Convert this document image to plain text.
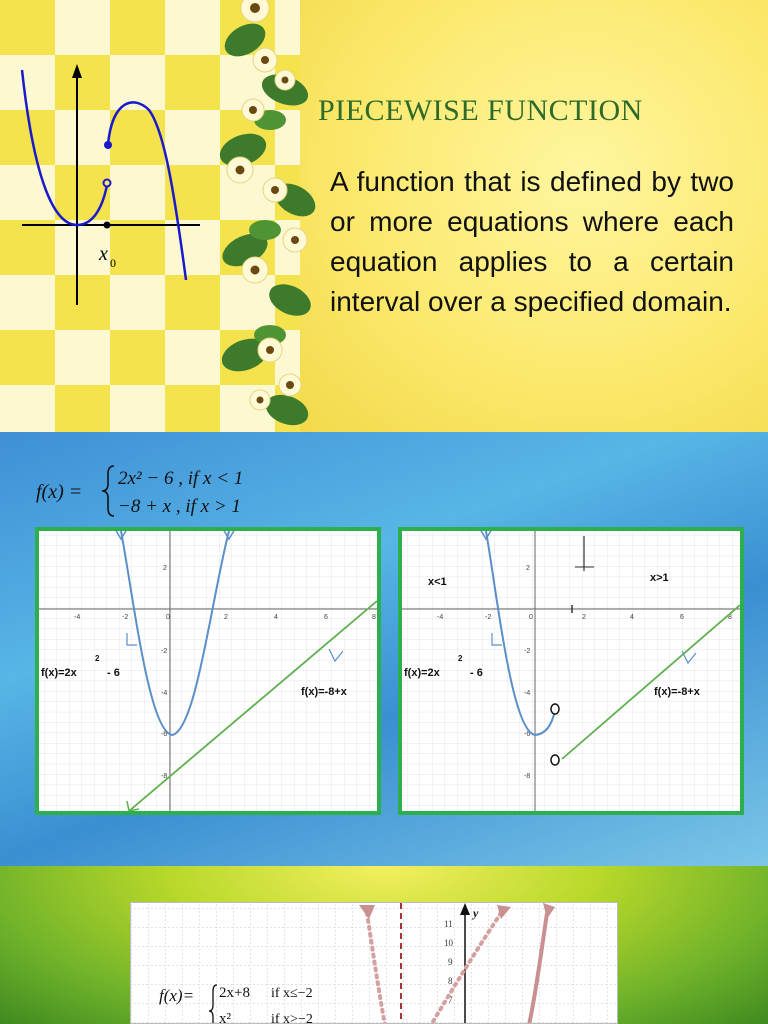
x 0
PIECEWISE FUNCTION
A function that is defined by two or more equations where each equation applies to a certain interval over a specified domain.
f(x) =
2x² − 6 , if x < 1
−8 + x , if x > 1
-4	-2	0	2	4	6	8
2
-2
-4
-6
-8
f(x)=2x
2
- 6
f(x)=-8+x
-4	-2	0	2	4	6	8
2
-2
-4
-6
-8
x<1	x>1
f(x)=2x
2
- 6
f(x)=-8+x
y
11
10
9
8
7
f(x)= 2x+8 if x≤−2
x²	if x>−2
